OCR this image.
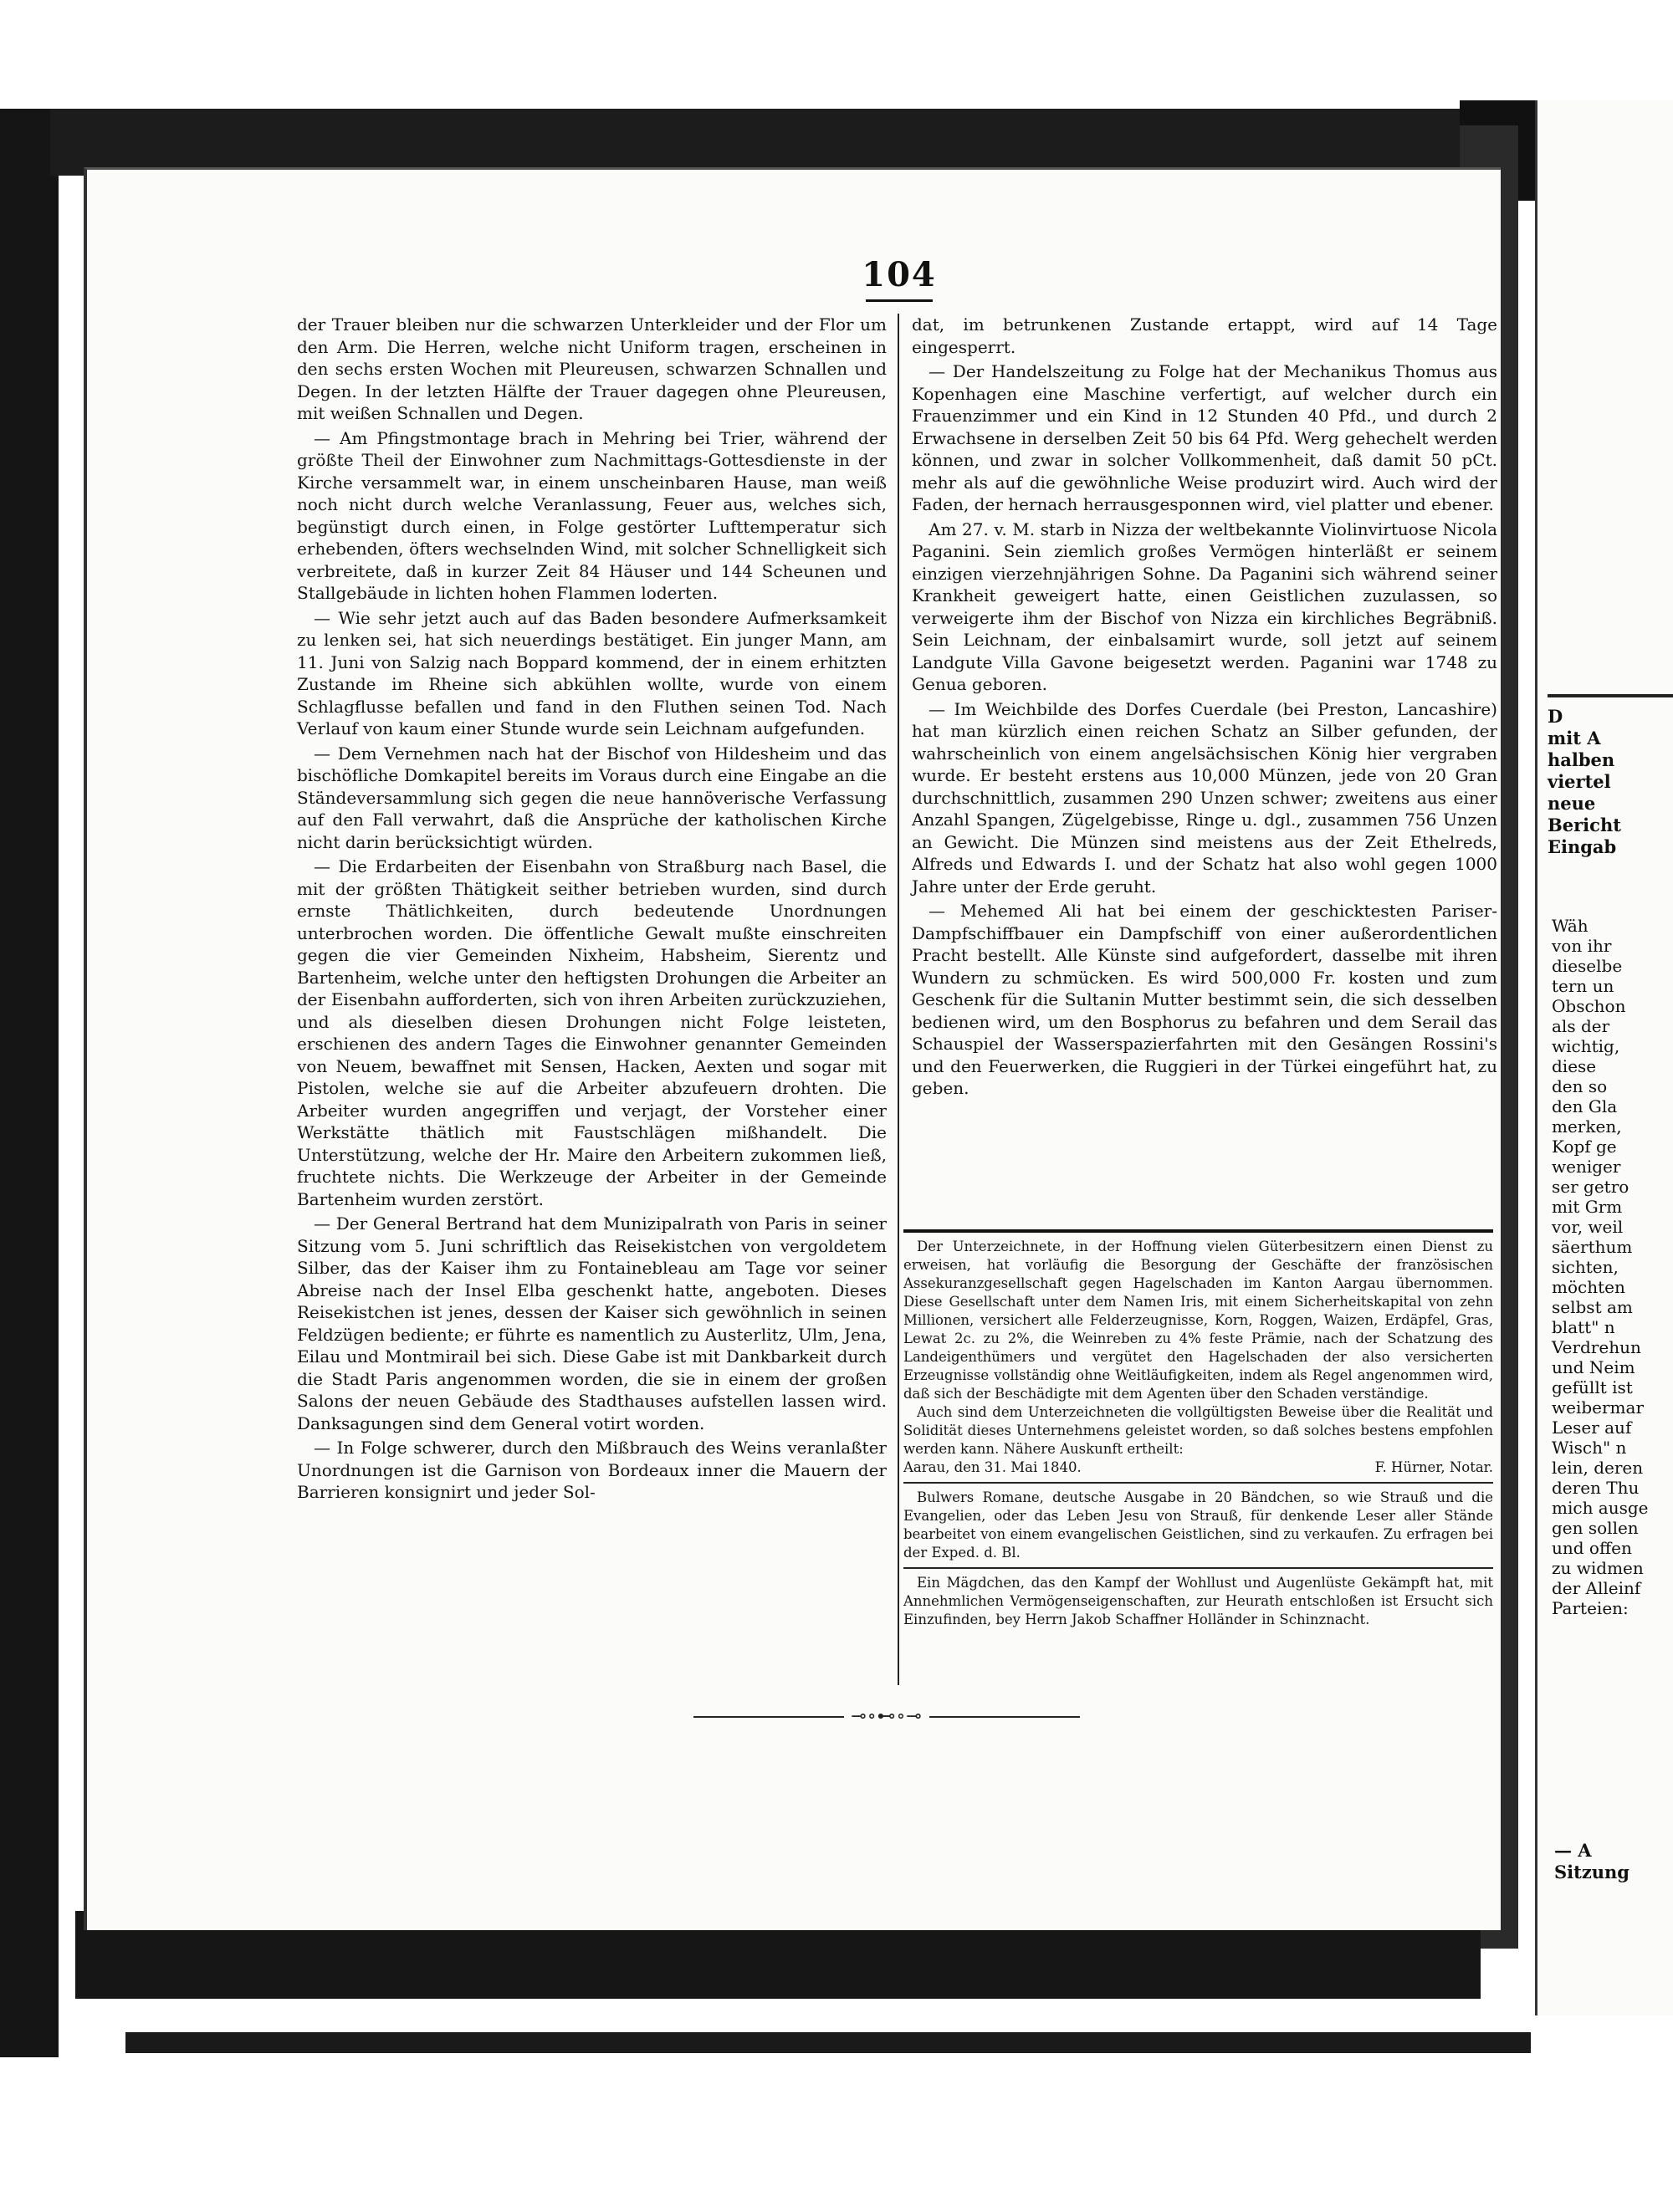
104

der Trauer bleiben nur die schwarzen Unterkleider und der Flor um den Arm. Die Herren, welche nicht Uniform tragen, erscheinen in den sechs ersten Wochen mit Pleureusen, schwarzen Schnallen und Degen. In der letzten Hälfte der Trauer dagegen ohne Pleureusen, mit weißen Schnallen und Degen.

— Am Pfingstmontage brach in Mehring bei Trier, während der größte Theil der Einwohner zum Nachmittags-Gottesdienste in der Kirche versammelt war, in einem unscheinbaren Hause, man weiß noch nicht durch welche Veranlassung, Feuer aus, welches sich, begünstigt durch einen, in Folge gestörter Lufttemperatur sich erhebenden, öfters wechselnden Wind, mit solcher Schnelligkeit sich verbreitete, daß in kurzer Zeit 84 Häuser und 144 Scheunen und Stallgebäude in lichten hohen Flammen loderten.

— Wie sehr jetzt auch auf das Baden besondere Aufmerksamkeit zu lenken sei, hat sich neuerdings bestätiget. Ein junger Mann, am 11. Juni von Salzig nach Boppard kommend, der in einem erhitzten Zustande im Rheine sich abkühlen wollte, wurde von einem Schlagflusse befallen und fand in den Fluthen seinen Tod. Nach Verlauf von kaum einer Stunde wurde sein Leichnam aufgefunden.

— Dem Vernehmen nach hat der Bischof von Hildesheim und das bischöfliche Domkapitel bereits im Voraus durch eine Eingabe an die Ständeversammlung sich gegen die neue hannöverische Verfassung auf den Fall verwahrt, daß die Ansprüche der katholischen Kirche nicht darin berücksichtigt würden.

— Die Erdarbeiten der Eisenbahn von Straßburg nach Basel, die mit der größten Thätigkeit seither betrieben wurden, sind durch ernste Thätlichkeiten, durch bedeutende Unordnungen unterbrochen worden. Die öffentliche Gewalt mußte einschreiten gegen die vier Gemeinden Nixheim, Habsheim, Sierentz und Bartenheim, welche unter den heftigsten Drohungen die Arbeiter an der Eisenbahn aufforderten, sich von ihren Arbeiten zurückzuziehen, und als dieselben diesen Drohungen nicht Folge leisteten, erschienen des andern Tages die Einwohner genannter Gemeinden von Neuem, bewaffnet mit Sensen, Hacken, Aexten und sogar mit Pistolen, welche sie auf die Arbeiter abzufeuern drohten. Die Arbeiter wurden angegriffen und verjagt, der Vorsteher einer Werkstätte thätlich mit Faustschlägen mißhandelt. Die Unterstützung, welche der Hr. Maire den Arbeitern zukommen ließ, fruchtete nichts. Die Werkzeuge der Arbeiter in der Gemeinde Bartenheim wurden zerstört.

— Der General Bertrand hat dem Munizipalrath von Paris in seiner Sitzung vom 5. Juni schriftlich das Reisekistchen von vergoldetem Silber, das der Kaiser ihm zu Fontainebleau am Tage vor seiner Abreise nach der Insel Elba geschenkt hatte, angeboten. Dieses Reisekistchen ist jenes, dessen der Kaiser sich gewöhnlich in seinen Feldzügen bediente; er führte es namentlich zu Austerlitz, Ulm, Jena, Eilau und Montmirail bei sich. Diese Gabe ist mit Dankbarkeit durch die Stadt Paris angenommen worden, die sie in einem der großen Salons der neuen Gebäude des Stadthauses aufstellen lassen wird. Danksagungen sind dem General votirt worden.

— In Folge schwerer, durch den Mißbrauch des Weins veranlaßter Unordnungen ist die Garnison von Bordeaux inner die Mauern der Barrieren konsignirt und jeder Sol-

dat, im betrunkenen Zustande ertappt, wird auf 14 Tage eingesperrt.

— Der Handelszeitung zu Folge hat der Mechanikus Thomus aus Kopenhagen eine Maschine verfertigt, auf welcher durch ein Frauenzimmer und ein Kind in 12 Stunden 40 Pfd., und durch 2 Erwachsene in derselben Zeit 50 bis 64 Pfd. Werg gehechelt werden können, und zwar in solcher Vollkommenheit, daß damit 50 pCt. mehr als auf die gewöhnliche Weise produzirt wird. Auch wird der Faden, der hernach herrausgesponnen wird, viel platter und ebener.

Am 27. v. M. starb in Nizza der weltbekannte Violinvirtuose Nicola Paganini. Sein ziemlich großes Vermögen hinterläßt er seinem einzigen vierzehnjährigen Sohne. Da Paganini sich während seiner Krankheit geweigert hatte, einen Geistlichen zuzulassen, so verweigerte ihm der Bischof von Nizza ein kirchliches Begräbniß. Sein Leichnam, der einbalsamirt wurde, soll jetzt auf seinem Landgute Villa Gavone beigesetzt werden. Paganini war 1748 zu Genua geboren.

— Im Weichbilde des Dorfes Cuerdale (bei Preston, Lancashire) hat man kürzlich einen reichen Schatz an Silber gefunden, der wahrscheinlich von einem angelsächsischen König hier vergraben wurde. Er besteht erstens aus 10,000 Münzen, jede von 20 Gran durchschnittlich, zusammen 290 Unzen schwer; zweitens aus einer Anzahl Spangen, Zügelgebisse, Ringe u. dgl., zusammen 756 Unzen an Gewicht. Die Münzen sind meistens aus der Zeit Ethelreds, Alfreds und Edwards I. und der Schatz hat also wohl gegen 1000 Jahre unter der Erde geruht.

— Mehemed Ali hat bei einem der geschicktesten Pariser-Dampfschiffbauer ein Dampfschiff von einer außerordentlichen Pracht bestellt. Alle Künste sind aufgefordert, dasselbe mit ihren Wundern zu schmücken. Es wird 500,000 Fr. kosten und zum Geschenk für die Sultanin Mutter bestimmt sein, die sich desselben bedienen wird, um den Bosphorus zu befahren und dem Serail das Schauspiel der Wasserspazierfahrten mit den Gesängen Rossini's und den Feuerwerken, die Ruggieri in der Türkei eingeführt hat, zu geben.

Der Unterzeichnete, in der Hoffnung vielen Güterbesitzern einen Dienst zu erweisen, hat vorläufig die Besorgung der Geschäfte der französischen Assekuranzgesellschaft gegen Hagelschaden im Kanton Aargau übernommen. Diese Gesellschaft unter dem Namen Iris, mit einem Sicherheitskapital von zehn Millionen, versichert alle Felderzeugnisse, Korn, Roggen, Waizen, Erdäpfel, Gras, Lewat 2c. zu 2%, die Weinreben zu 4% feste Prämie, nach der Schatzung des Landeigenthümers und vergütet den Hagelschaden der also versicherten Erzeugnisse vollständig ohne Weitläufigkeiten, indem als Regel angenommen wird, daß sich der Beschädigte mit dem Agenten über den Schaden verständige.

Auch sind dem Unterzeichneten die vollgültigsten Beweise über die Realität und Solidität dieses Unternehmens geleistet worden, so daß solches bestens empfohlen werden kann. Nähere Auskunft ertheilt:

Aarau, den 31. Mai 1840.	F. Hürner, Notar.

Bulwers Romane, deutsche Ausgabe in 20 Bändchen, so wie Strauß und die Evangelien, oder das Leben Jesu von Strauß, für denkende Leser aller Stände bearbeitet von einem evangelischen Geistlichen, sind zu verkaufen. Zu erfragen bei der Exped. d. Bl.

Ein Mägdchen, das den Kampf der Wohllust und Augenlüste Gekämpft hat, mit Annehmlichen Vermögenseigenschaften, zur Heurath entschloßen ist Ersucht sich Einzufinden, bey Herrn Jakob Schaffner Holländer in Schinznacht.

⊸∘⊷∘⊸
D
mit A
halben
viertel
neue
Bericht
Eingab
Wäh
von ihr
dieselbe
tern un
Obschon
als der
wichtig,
diese
den so
den Gla
merken,
Kopf ge
weniger
ser getro
mit Grm
vor, weil
säerthum
sichten,
möchten
selbst am
blatt" n
Verdrehun
und Neim
gefüllt ist
weibermar
Leser auf
Wisch" n
lein, deren
deren Thu
mich ausge
gen sollen
und offen
zu widmen
der Alleinf
Parteien:
— A
Sitzung
